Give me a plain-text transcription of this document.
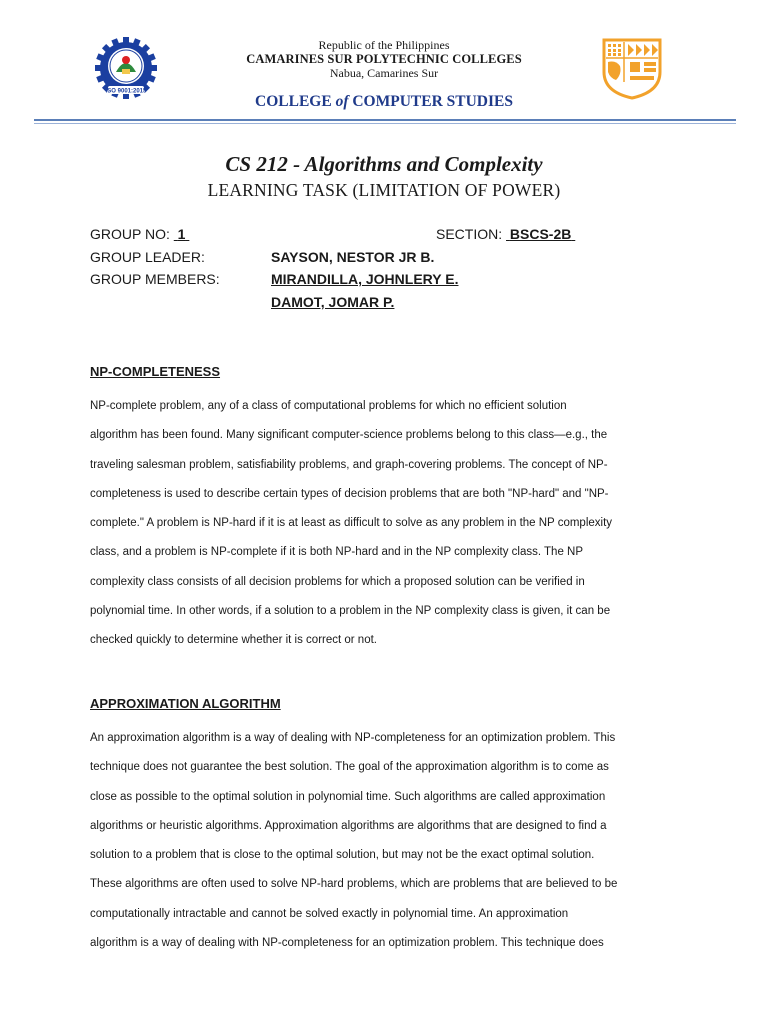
ISO 9001:2015
Republic of the Philippines
CAMARINES SUR POLYTECHNIC COLLEGES
Nabua, Camarines Sur
COLLEGE of COMPUTER STUDIES
CS 212 - Algorithms and Complexity
LEARNING TASK (LIMITATION OF POWER)
GROUP NO: 1	SECTION: BSCS-2B
GROUP LEADER:	SAYSON, NESTOR JR B.
GROUP MEMBERS:	MIRANDILLA, JOHNLERY E.
DAMOT, JOMAR P.
NP-COMPLETENESS
NP-complete problem, any of a class of computational problems for which no efficient solution
algorithm has been found. Many significant computer-science problems belong to this class—e.g., the
traveling salesman problem, satisfiability problems, and graph-covering problems. The concept of NP-
completeness is used to describe certain types of decision problems that are both "NP-hard" and "NP-
complete." A problem is NP-hard if it is at least as difficult to solve as any problem in the NP complexity
class, and a problem is NP-complete if it is both NP-hard and in the NP complexity class. The NP
complexity class consists of all decision problems for which a proposed solution can be verified in
polynomial time. In other words, if a solution to a problem in the NP complexity class is given, it can be
checked quickly to determine whether it is correct or not.
APPROXIMATION ALGORITHM
An approximation algorithm is a way of dealing with NP-completeness for an optimization problem. This
technique does not guarantee the best solution. The goal of the approximation algorithm is to come as
close as possible to the optimal solution in polynomial time. Such algorithms are called approximation
algorithms or heuristic algorithms. Approximation algorithms are algorithms that are designed to find a
solution to a problem that is close to the optimal solution, but may not be the exact optimal solution.
These algorithms are often used to solve NP-hard problems, which are problems that are believed to be
computationally intractable and cannot be solved exactly in polynomial time. An approximation
algorithm is a way of dealing with NP-completeness for an optimization problem. This technique does
